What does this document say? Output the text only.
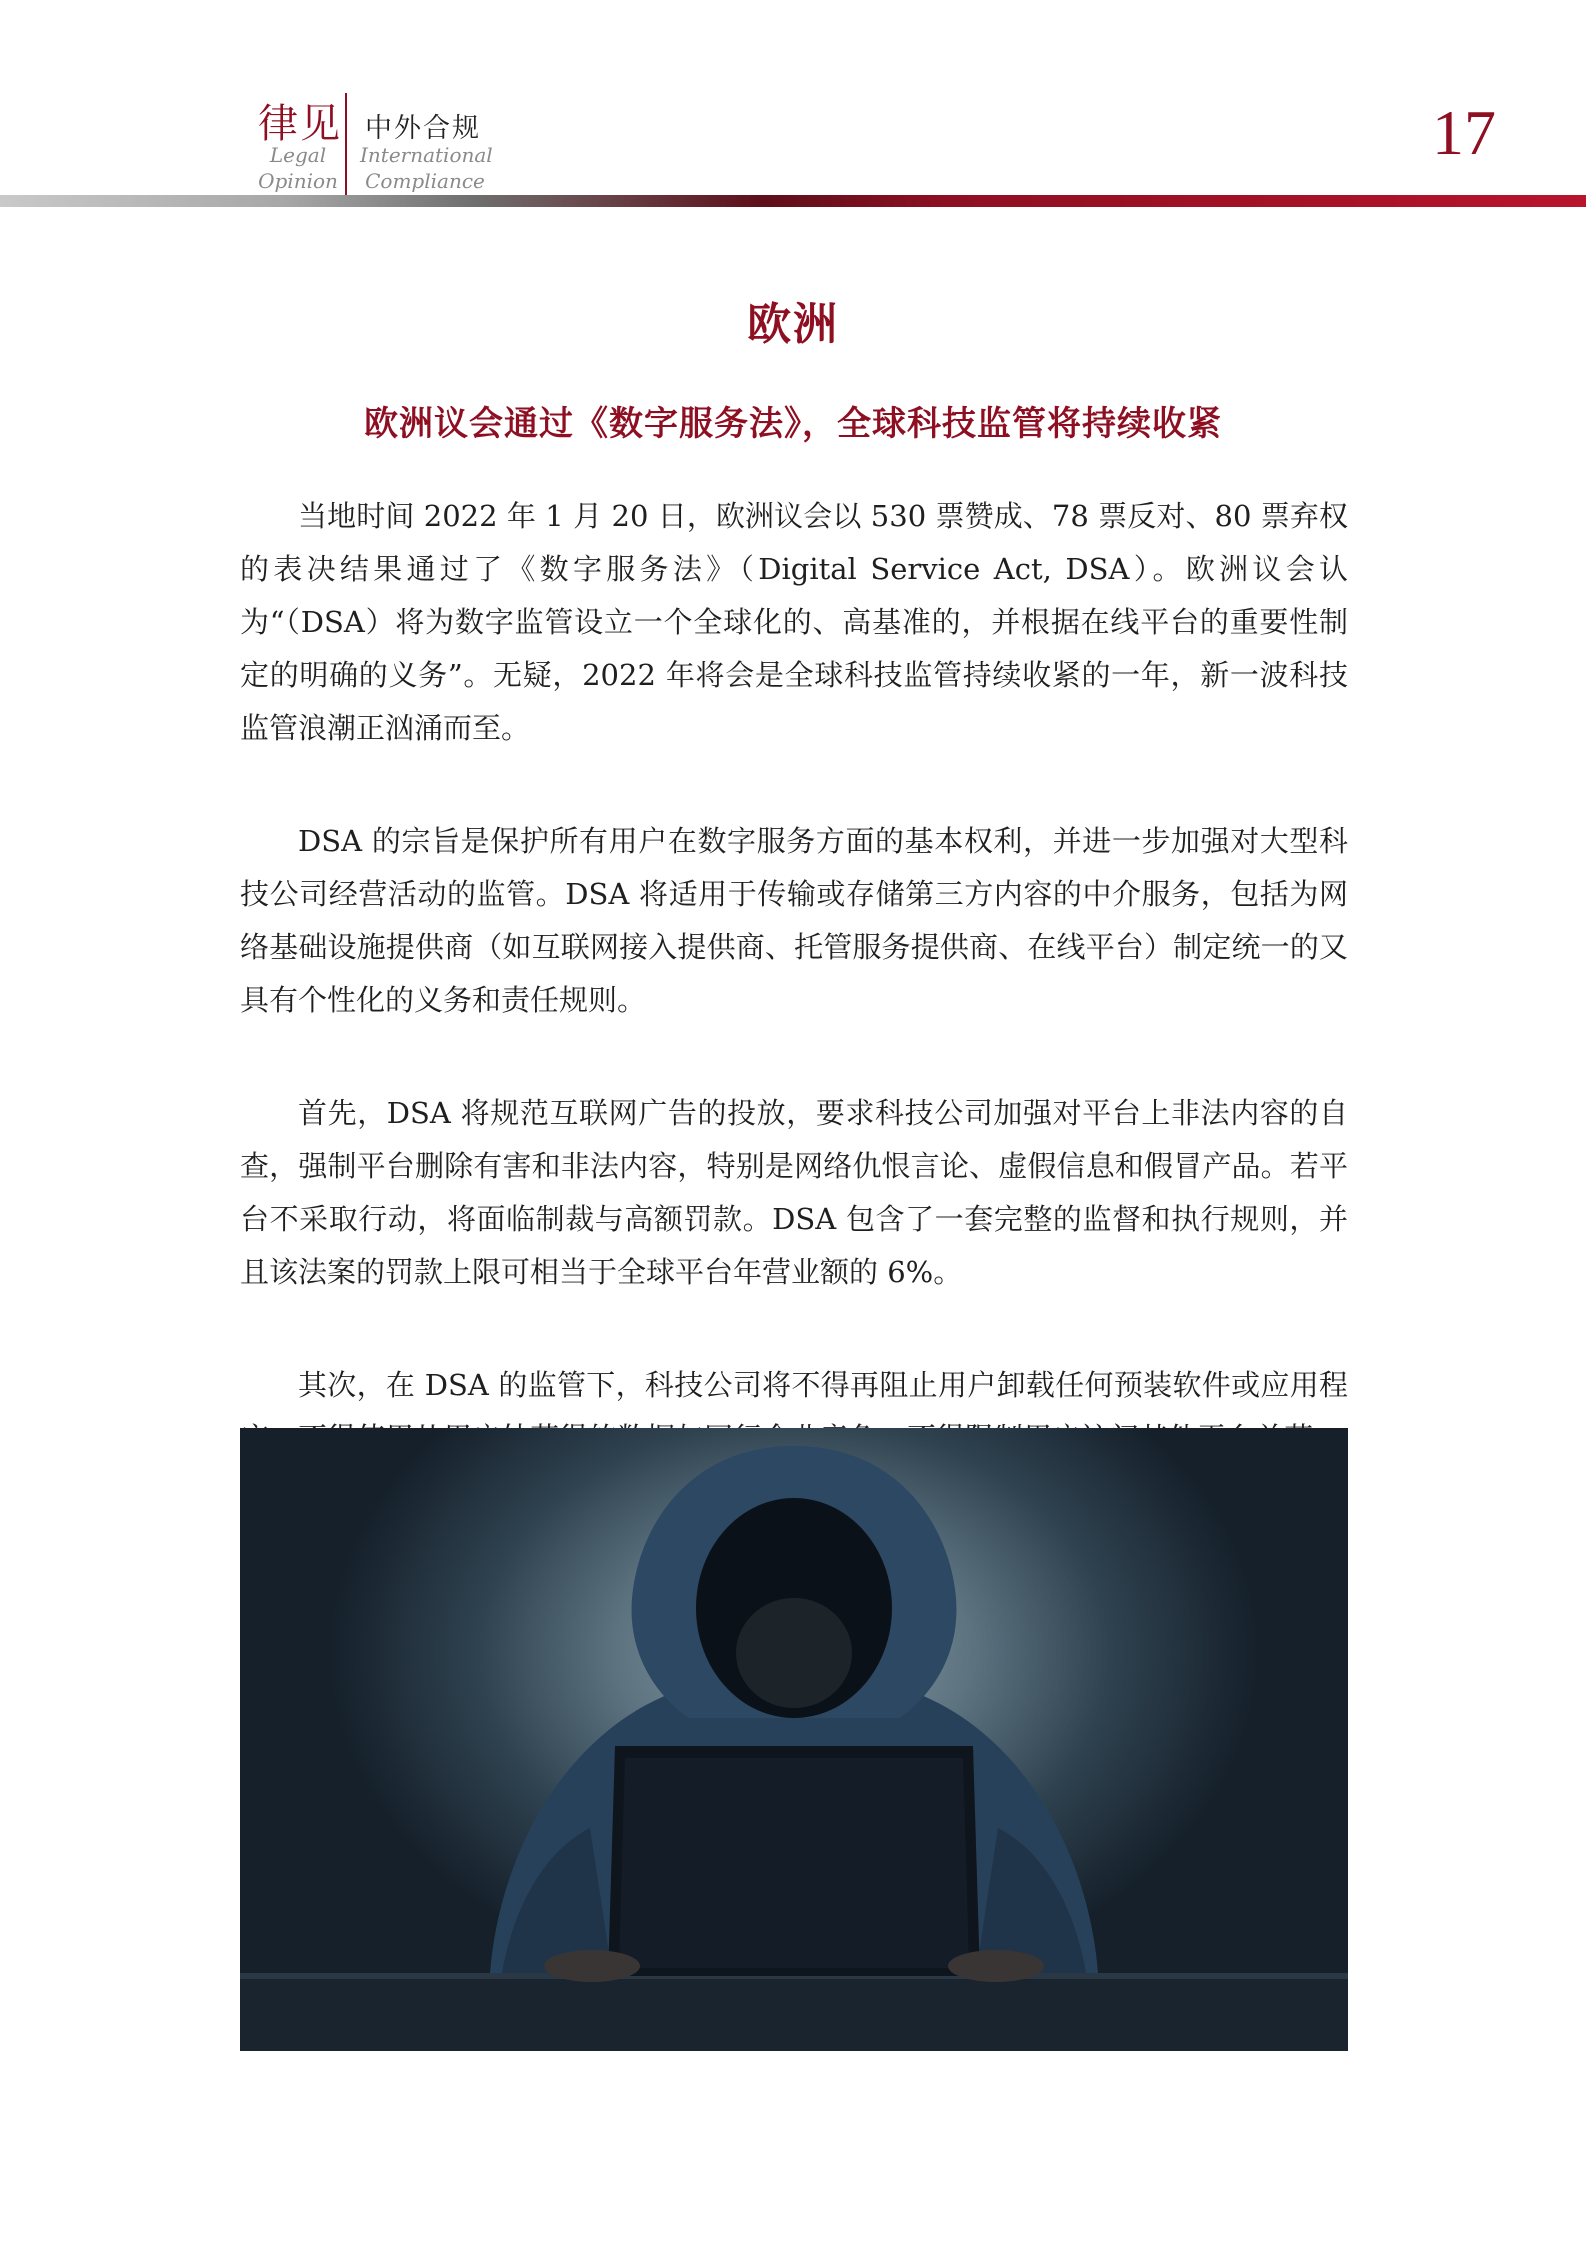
律见
Legal
Opinion
中外合规
International
Compliance
17
欧洲
欧洲议会通过《数字服务法》，全球科技监管将持续收紧

当地时间 2022 年 1 月 20 日，欧洲议会以 530 票赞成、78 票反对、80 票弃权的表决结果通过了《数字服务法》（Digital Service Act, DSA）。欧洲议会认为“（DSA）将为数字监管设立一个全球化的、高基准的，并根据在线平台的重要性制定的明确的义务”。无疑，2022 年将会是全球科技监管持续收紧的一年，新一波科技监管浪潮正汹涌而至。

DSA 的宗旨是保护所有用户在数字服务方面的基本权利，并进一步加强对大型科技公司经营活动的监管。DSA 将适用于传输或存储第三方内容的中介服务，包括为网络基础设施提供商（如互联网接入提供商、托管服务提供商、在线平台）制定统一的又具有个性化的义务和责任规则。

首先，DSA 将规范互联网广告的投放，要求科技公司加强对平台上非法内容的自查，强制平台删除有害和非法内容，特别是网络仇恨言论、虚假信息和假冒产品。若平台不采取行动，将面临制裁与高额罚款。DSA 包含了一套完整的监督和执行规则，并且该法案的罚款上限可相当于全球平台年营业额的 6%。

其次，在 DSA 的监管下，科技公司将不得再阻止用户卸载任何预装软件或应用程
